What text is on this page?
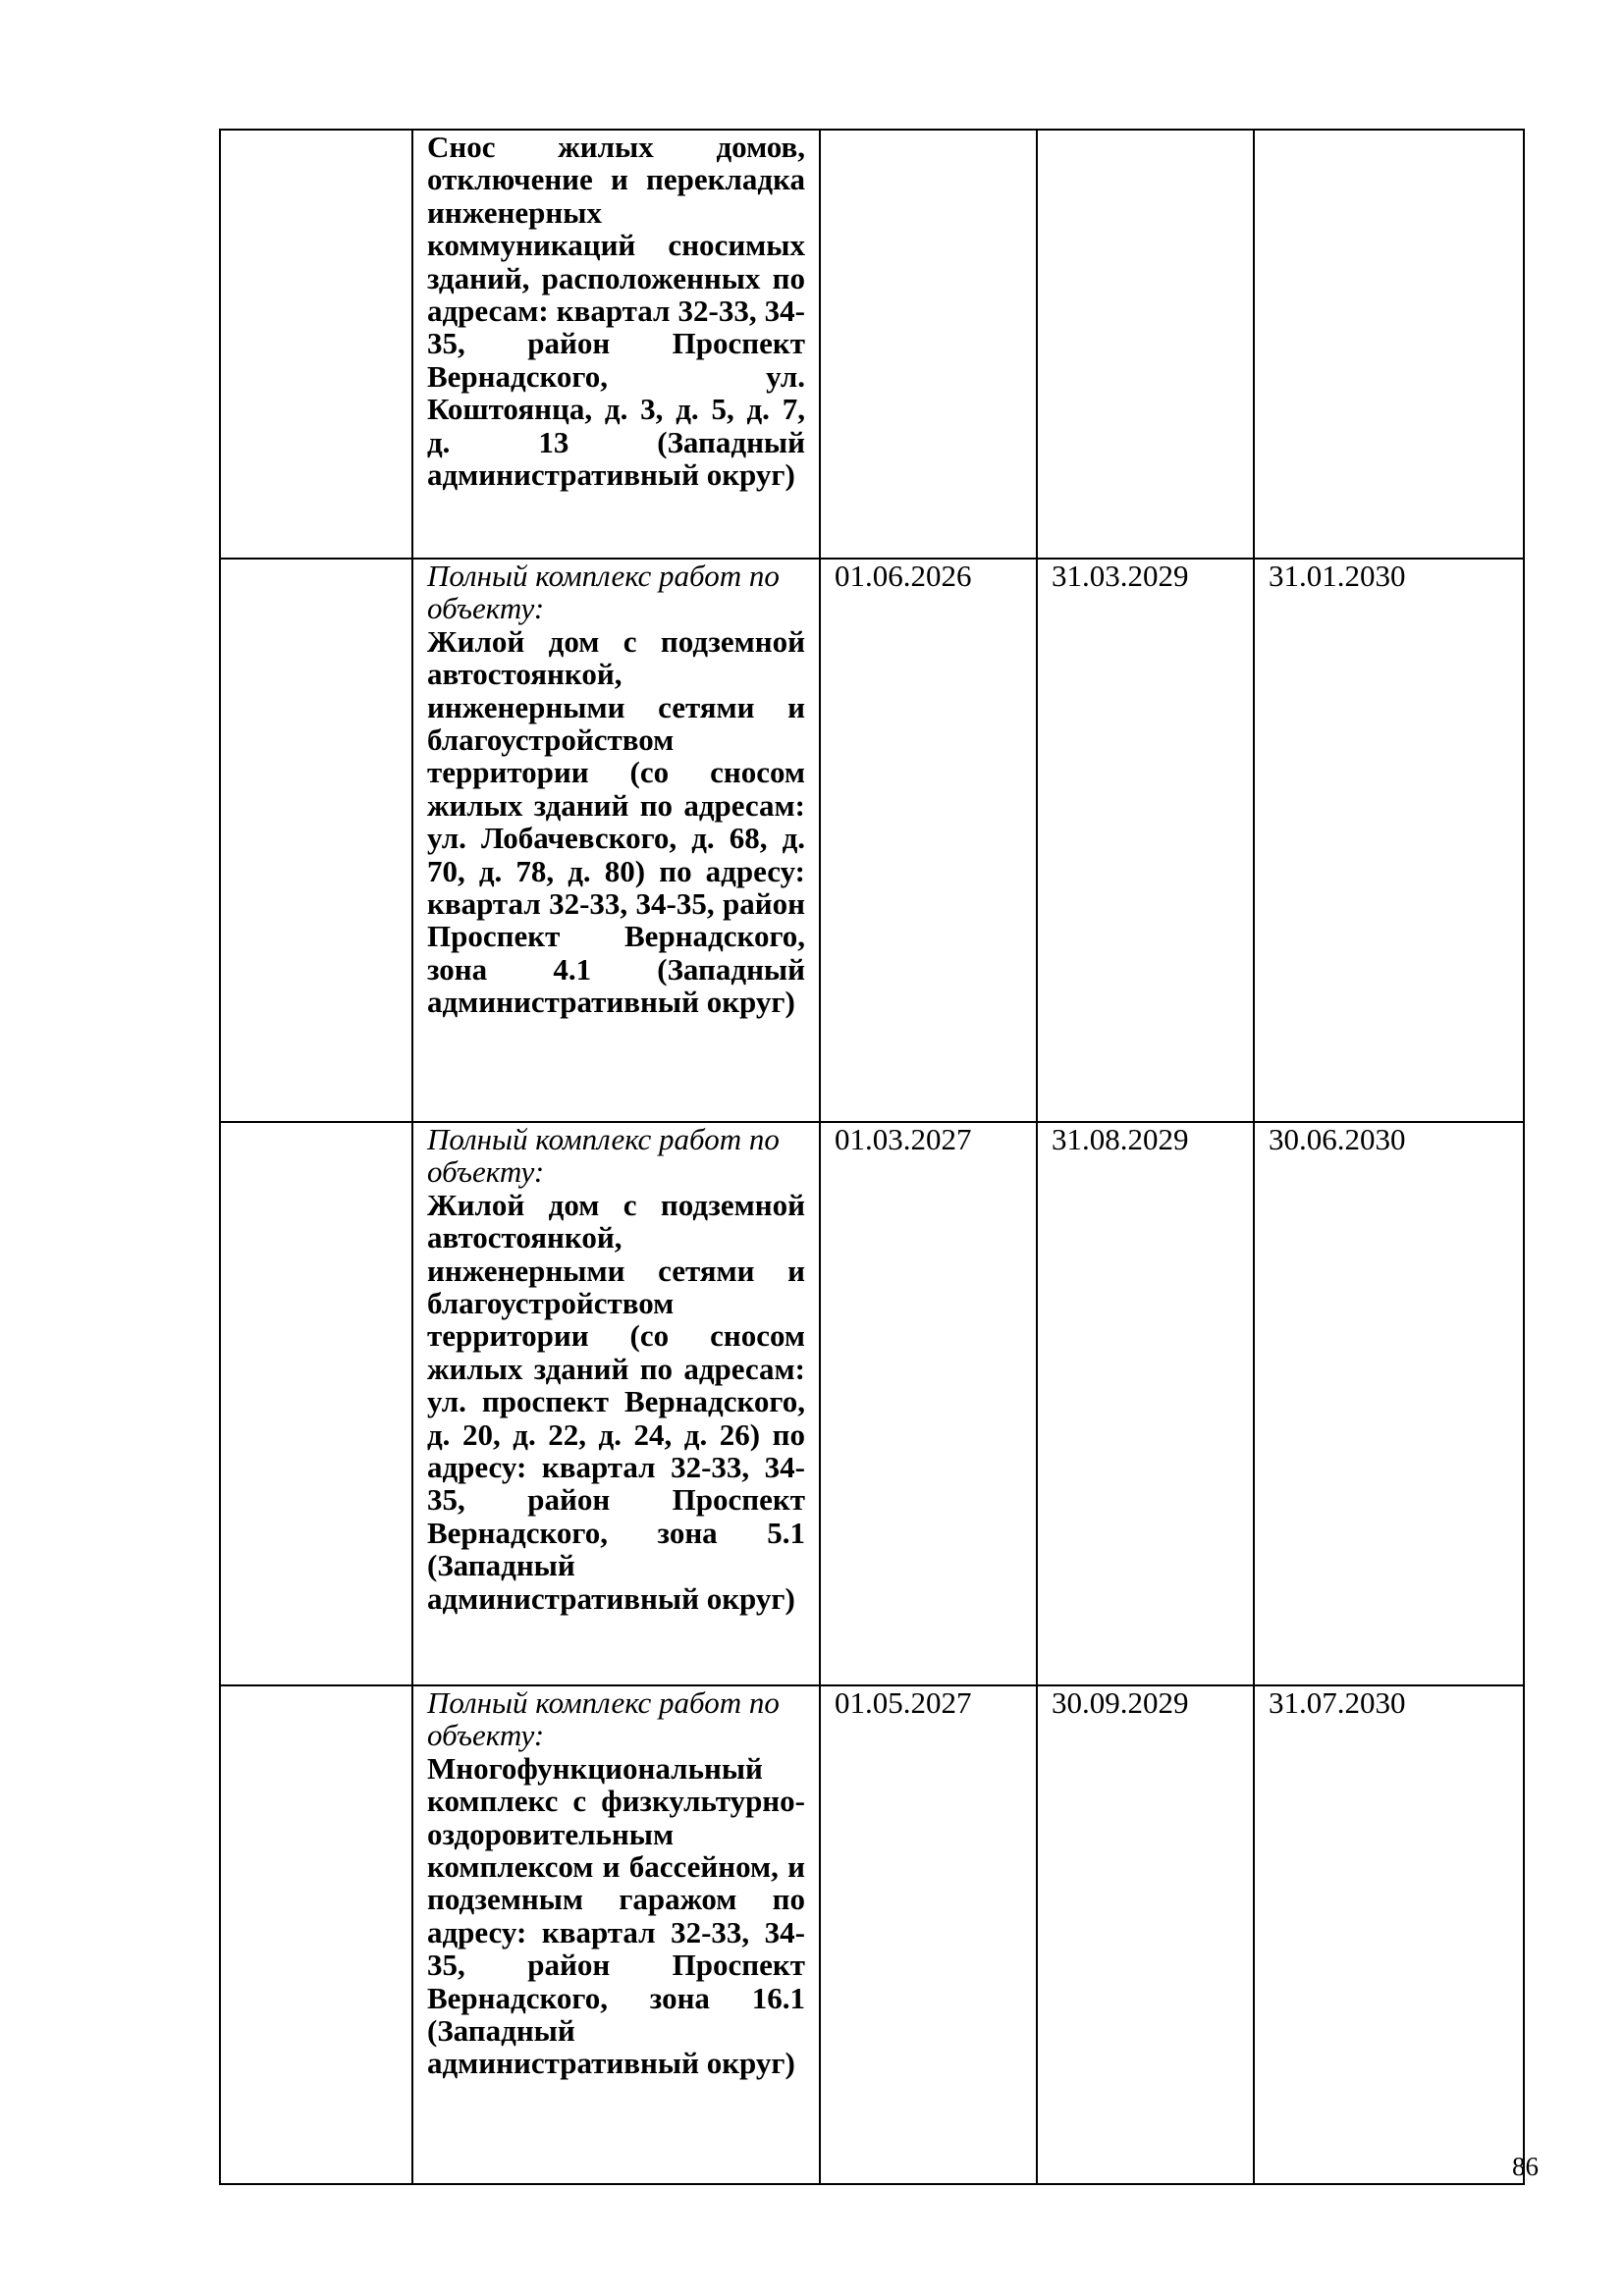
	Снос жилых домов, отключение и перекладка инженерных коммуникаций сносимых зданий, расположенных по адресам: квартал 32-33, 34-35, район Проспект Вернадского, ул. Коштоянца, д. 3, д. 5, д. 7, д. 13 (Западный административный округ)			

	Полный комплекс работ по объекту:
Жилой дом с подземной автостоянкой, инженерными сетями и благоустройством территории (со сносом жилых зданий по адресам: ул. Лобачевского, д. 68, д. 70, д. 78, д. 80) по адресу: квартал 32-33, 34-35, район Проспект Вернадского, зона 4.1 (Западный административный округ)	01.06.2026	31.03.2029	31.01.2030

	Полный комплекс работ по объекту:
Жилой дом с подземной автостоянкой, инженерными сетями и благоустройством территории (со сносом жилых зданий по адресам: ул. проспект Вернадского, д. 20, д. 22, д. 24, д. 26) по адресу: квартал 32-33, 34-35, район Проспект Вернадского, зона 5.1 (Западный административный округ)	01.03.2027	31.08.2029	30.06.2030

	Полный комплекс работ по объекту:
Многофункциональный комплекс с физкультурно-оздоровительным комплексом и бассейном, и подземным гаражом по адресу: квартал 32-33, 34-35, район Проспект Вернадского, зона 16.1 (Западный административный округ)	01.05.2027	30.09.2029	31.07.2030
86
